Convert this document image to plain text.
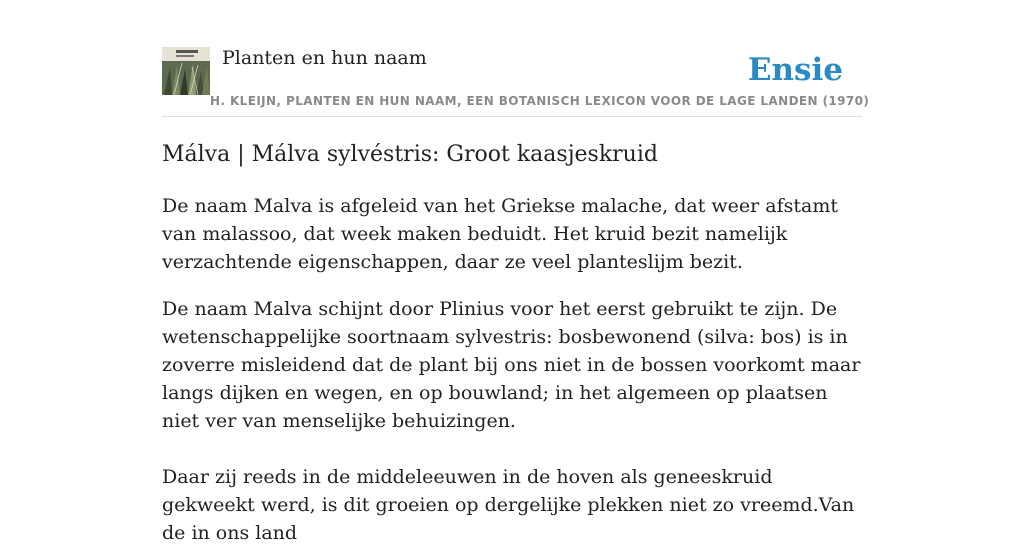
Planten en hun naam	Ensie
H. KLEIJN, PLANTEN EN HUN NAAM, EEN BOTANISCH LEXICON VOOR DE LAGE LANDEN (1970)
Málva | Málva sylvéstris: Groot kaasjeskruid

De naam Malva is afgeleid van het Griekse malache, dat weer afstamt van malassoo, dat week maken beduidt. Het kruid bezit namelijk verzachtende eigenschappen, daar ze veel planteslijm bezit.

De naam Malva schijnt door Plinius voor het eerst gebruikt te zijn. De wetenschappelijke soortnaam sylvestris: bosbewonend (silva: bos) is in zoverre misleidend dat de plant bij ons niet in de bossen voorkomt maar langs dijken en wegen, en op bouwland; in het algemeen op plaatsen niet ver van menselijke behuizingen.
Daar zij reeds in de middeleeuwen in de hoven als geneeskruid gekweekt werd, is dit groeien op dergelijke plekken niet zo vreemd.Van de in ons land
